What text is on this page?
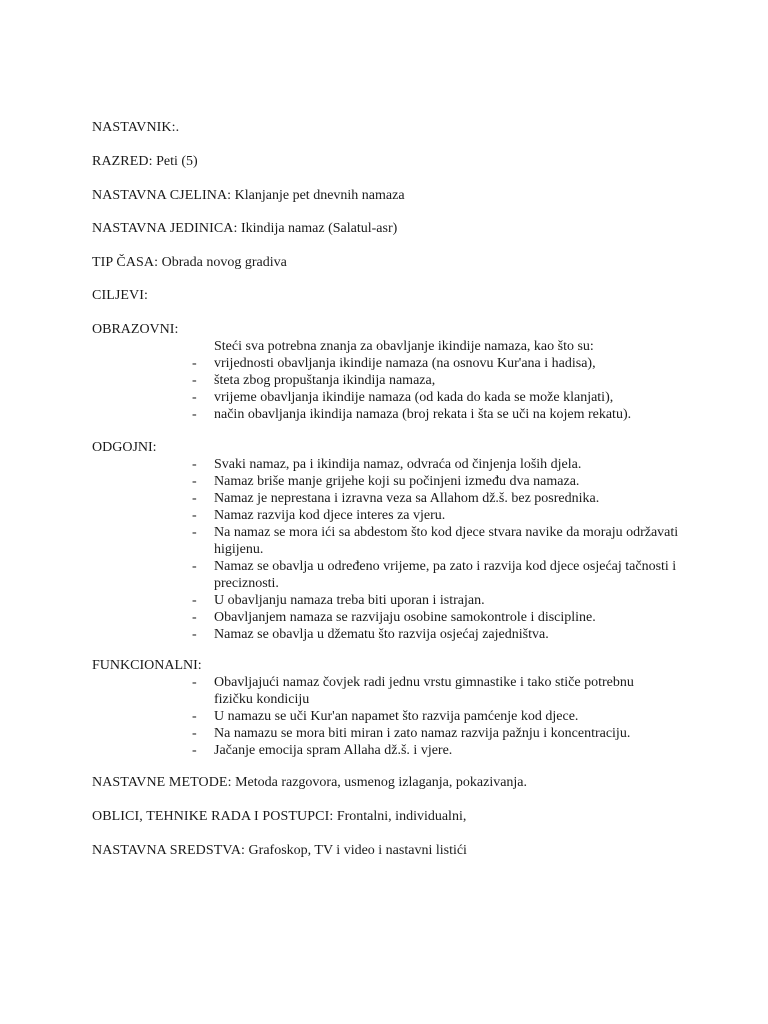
NASTAVNIK:.
RAZRED: Peti (5)
NASTAVNA CJELINA: Klanjanje pet dnevnih namaza
NASTAVNA JEDINICA: Ikindija namaz (Salatul-asr)
TIP ČASA: Obrada novog gradiva
CILJEVI:
OBRAZOVNI:
Steći sva potrebna znanja za obavljanje ikindije namaza, kao što su:
- vrijednosti obavljanja ikindije namaza (na osnovu Kur'ana i hadisa),
- šteta zbog propuštanja ikindija namaza,
- vrijeme obavljanja ikindije namaza (od kada do kada se može klanjati),
- način obavljanja ikindija namaza (broj rekata i šta se uči na kojem rekatu).
ODGOJNI:
- Svaki namaz, pa i ikindija namaz, odvraća od činjenja loših djela.
- Namaz briše manje grijehe koji su počinjeni između dva namaza.
- Namaz je neprestana i izravna veza sa Allahom dž.š. bez posrednika.
- Namaz razvija kod djece interes za vjeru.
- Na namaz se mora ići sa abdestom što kod djece stvara navike da moraju održavati higijenu.
- Namaz se obavlja u određeno vrijeme, pa zato i razvija kod djece osjećaj tačnosti i preciznosti.
- U obavljanju namaza treba biti uporan i istrajan.
- Obavljanjem namaza se razvijaju osobine samokontrole i discipline.
- Namaz se obavlja u džematu što razvija osjećaj zajedništva.
FUNKCIONALNI:
- Obavljajući namaz čovjek radi jednu vrstu gimnastike i tako stiče potrebnu fizičku kondiciju
- U namazu se uči Kur'an napamet što razvija pamćenje kod djece.
- Na namazu se mora biti miran i zato namaz razvija pažnju i koncentraciju.
- Jačanje emocija spram Allaha dž.š. i vjere.
NASTAVNE METODE: Metoda razgovora, usmenog izlaganja, pokazivanja.
OBLICI, TEHNIKE RADA I POSTUPCI: Frontalni, individualni,
NASTAVNA SREDSTVA: Grafoskop, TV i video i nastavni listići
